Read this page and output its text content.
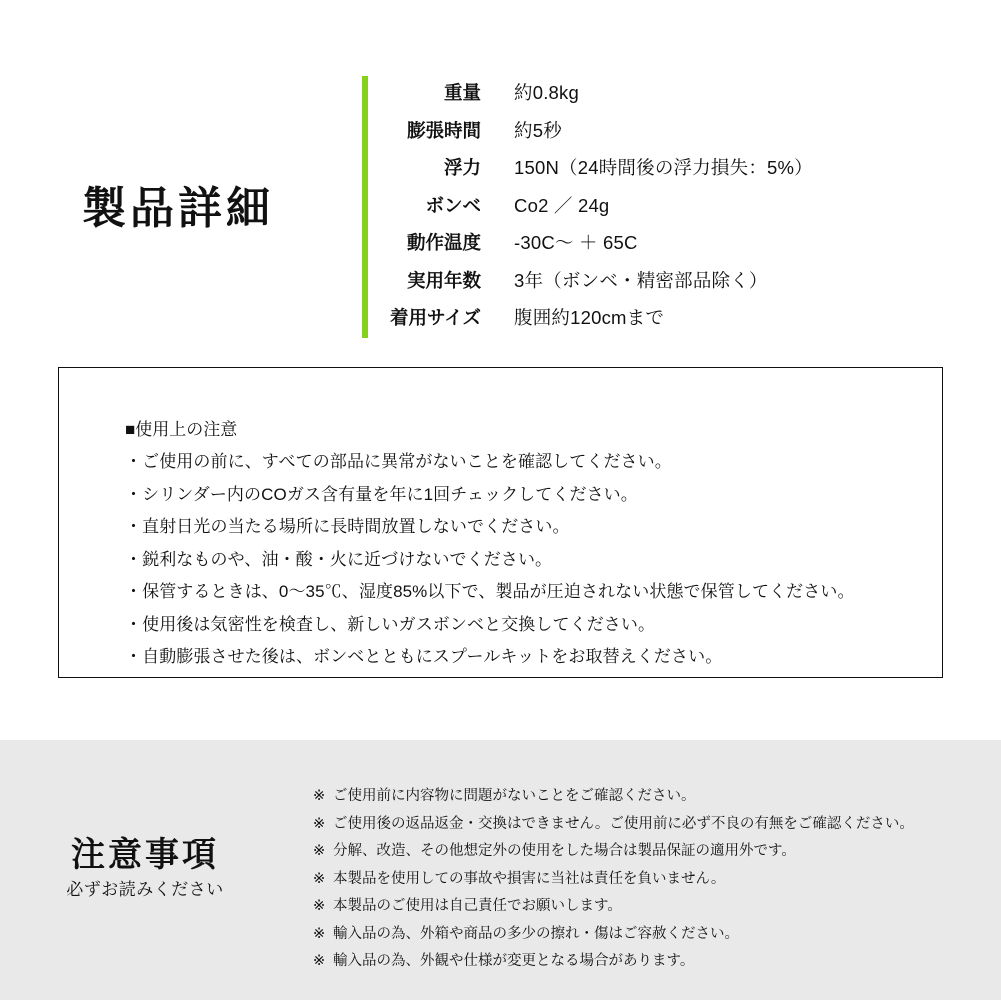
製品詳細
重量	約0.8kg
膨張時間	約5秒
浮力	150N（24時間後の浮力損失：5%）
ボンベ	Co2 ／ 24g
動作温度	-30C〜 ＋ 65C
実用年数	3年（ボンベ・精密部品除く）
着用サイズ	腹囲約120cmまで
■使用上の注意
・ご使用の前に、すべての部品に異常がないことを確認してください。
・シリンダー内のCOガス含有量を年に1回チェックしてください。
・直射日光の当たる場所に長時間放置しないでください。
・鋭利なものや、油・酸・火に近づけないでください。
・保管するときは、0〜35℃、湿度85%以下で、製品が圧迫されない状態で保管してください。
・使用後は気密性を検査し、新しいガスボンベと交換してください。
・自動膨張させた後は、ボンベとともにスプールキットをお取替えください。
注意事項
必ずお読みください
※ ご使用前に内容物に問題がないことをご確認ください。
※ ご使用後の返品返金・交換はできません。ご使用前に必ず不良の有無をご確認ください。
※ 分解、改造、その他想定外の使用をした場合は製品保証の適用外です。
※ 本製品を使用しての事故や損害に当社は責任を負いません。
※ 本製品のご使用は自己責任でお願いします。
※ 輸入品の為、外箱や商品の多少の擦れ・傷はご容赦ください。
※ 輸入品の為、外観や仕様が変更となる場合があります。
